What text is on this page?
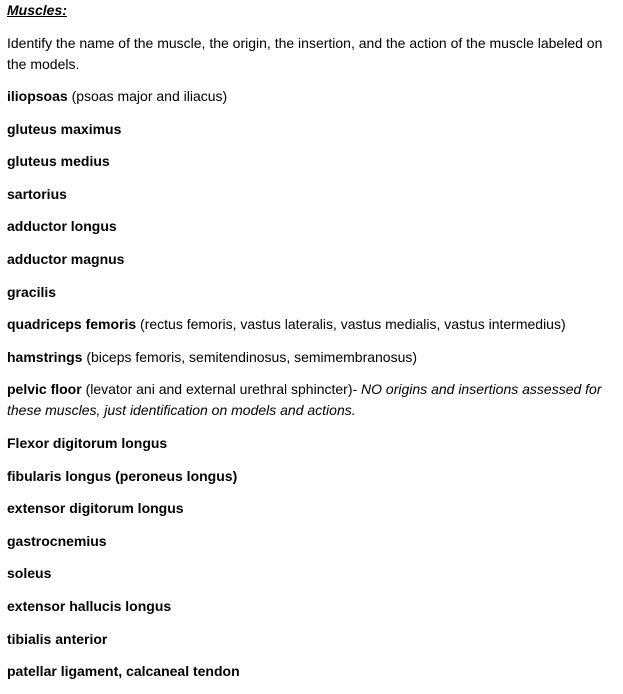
Muscles:

Identify the name of the muscle, the origin, the insertion, and the action of the muscle labeled on the models.

iliopsoas (psoas major and iliacus)
gluteus maximus
gluteus medius
sartorius
adductor longus
adductor magnus
gracilis
quadriceps femoris (rectus femoris, vastus lateralis, vastus medialis, vastus intermedius)
hamstrings (biceps femoris, semitendinosus, semimembranosus)
pelvic floor (levator ani and external urethral sphincter)- NO origins and insertions assessed for these muscles, just identification on models and actions.
Flexor digitorum longus
fibularis longus (peroneus longus)
extensor digitorum longus
gastrocnemius
soleus
extensor hallucis longus
tibialis anterior
patellar ligament, calcaneal tendon
